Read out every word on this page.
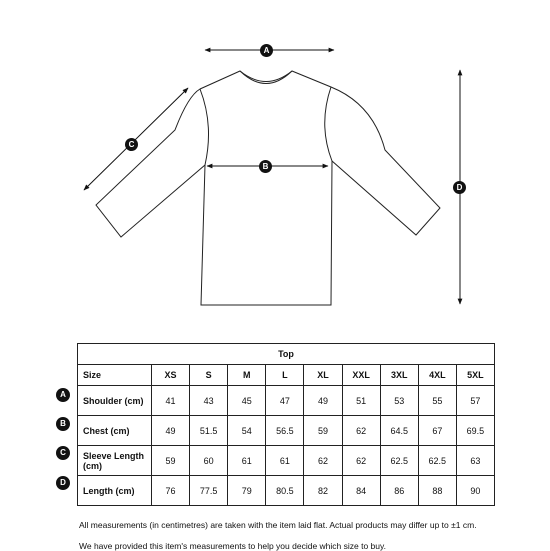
A
B
C
D
Top									
Size	XS	S	M	L	XL	XXL	3XL	4XL	5XL
Shoulder (cm)	41	43	45	47	49	51	53	55	57
Chest (cm)	49	51.5	54	56.5	59	62	64.5	67	69.5
Sleeve Length (cm)	59	60	61	61	62	62	62.5	62.5	63
Length (cm)	76	77.5	79	80.5	82	84	86	88	90
A
B
C
D
All measurements (in centimetres) are taken with the item laid flat. Actual products may differ up to ±1 cm.
We have provided this item's measurements to help you decide which size to buy.
